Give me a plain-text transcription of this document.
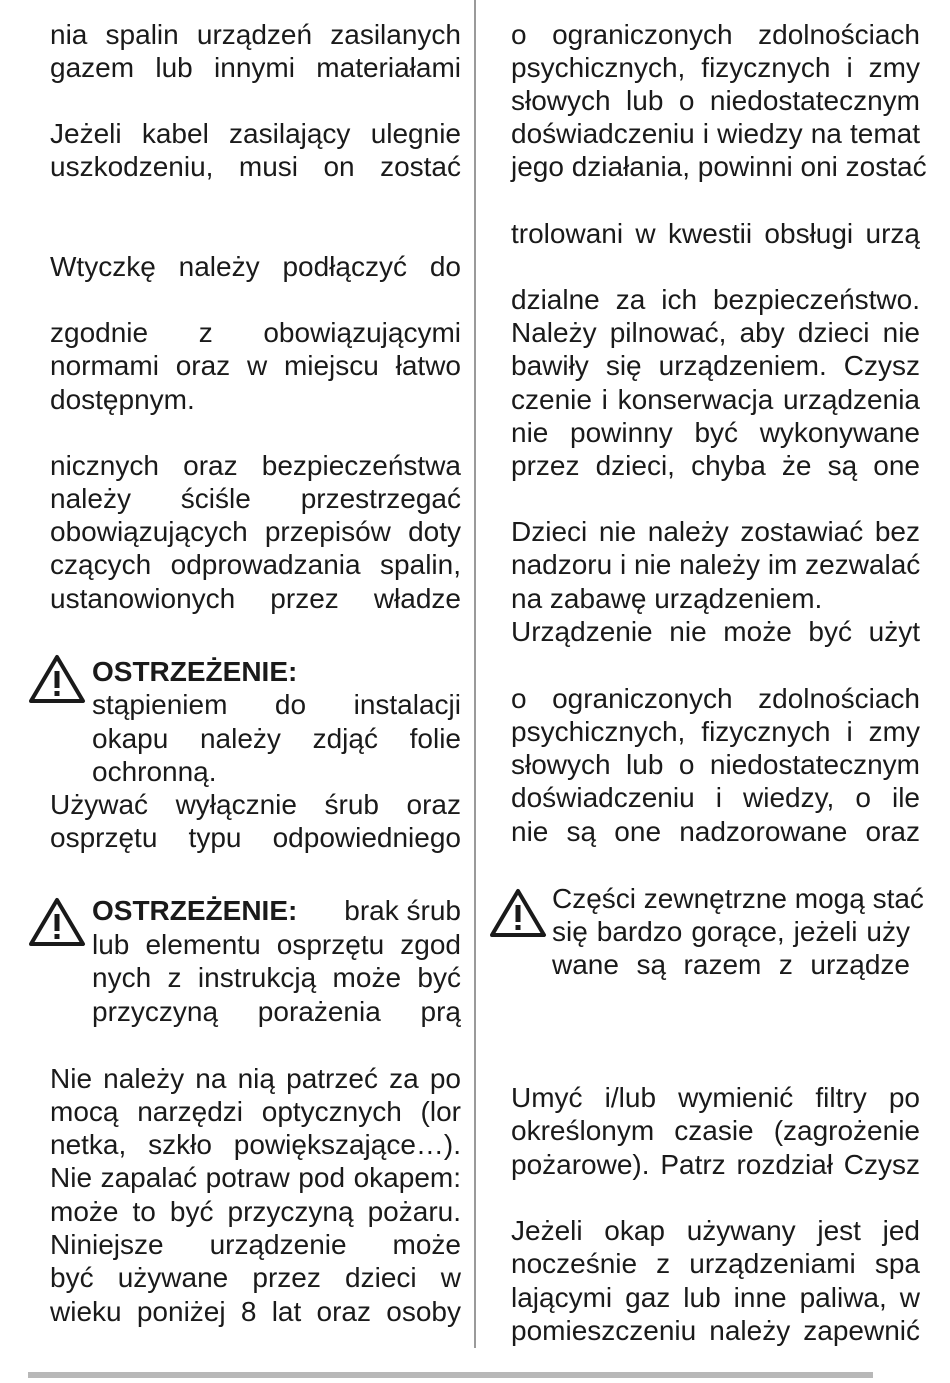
nia spalin urządzeń zasilanych
gazem lub innymi materiałami
Jeżeli kabel zasilający ulegnie
uszkodzeniu, musi on zostać
Wtyczkę należy podłączyć do
zgodnie z obowiązującymi
normami oraz w miejscu łatwo
dostępnym.
nicznych oraz bezpieczeństwa
należy ściśle przestrzegać
obowiązujących przepisów doty
czących odprowadzania spalin,
ustanowionych przez władze
OSTRZEŻENIE:
stąpieniem do instalacji
okapu należy zdjąć folie
ochronną.
Używać wyłącznie śrub oraz
osprzętu typu odpowiedniego
OSTRZEŻENIE: brak śrub
lub elementu osprzętu zgod
nych z instrukcją może być
przyczyną porażenia prą
Nie należy na nią patrzeć za po
mocą narzędzi optycznych (lor
netka, szkło powiększające…).
Nie zapalać potraw pod okapem:
może to być przyczyną pożaru.
Niniejsze urządzenie może
być używane przez dzieci w
wieku poniżej 8 lat oraz osoby
o ograniczonych zdolnościach
psychicznych, fizycznych i zmy
słowych lub o niedostatecznym
doświadczeniu i wiedzy na temat
jego działania, powinni oni zostać
trolowani w kwestii obsługi urzą
dzialne za ich bezpieczeństwo.
Należy pilnować, aby dzieci nie
bawiły się urządzeniem. Czysz
czenie i konserwacja urządzenia
nie powinny być wykonywane
przez dzieci, chyba że są one
Dzieci nie należy zostawiać bez
nadzoru i nie należy im zezwalać
na zabawę urządzeniem.
Urządzenie nie może być użyt
o ograniczonych zdolnościach
psychicznych, fizycznych i zmy
słowych lub o niedostatecznym
doświadczeniu i wiedzy, o ile
nie są one nadzorowane oraz
Części zewnętrzne mogą stać
się bardzo gorące, jeżeli uży
wane są razem z urządze
Umyć i/lub wymienić filtry po
określonym czasie (zagrożenie
pożarowe). Patrz rozdział Czysz
Jeżeli okap używany jest jed
nocześnie z urządzeniami spa
lającymi gaz lub inne paliwa, w
pomieszczeniu należy zapewnić
